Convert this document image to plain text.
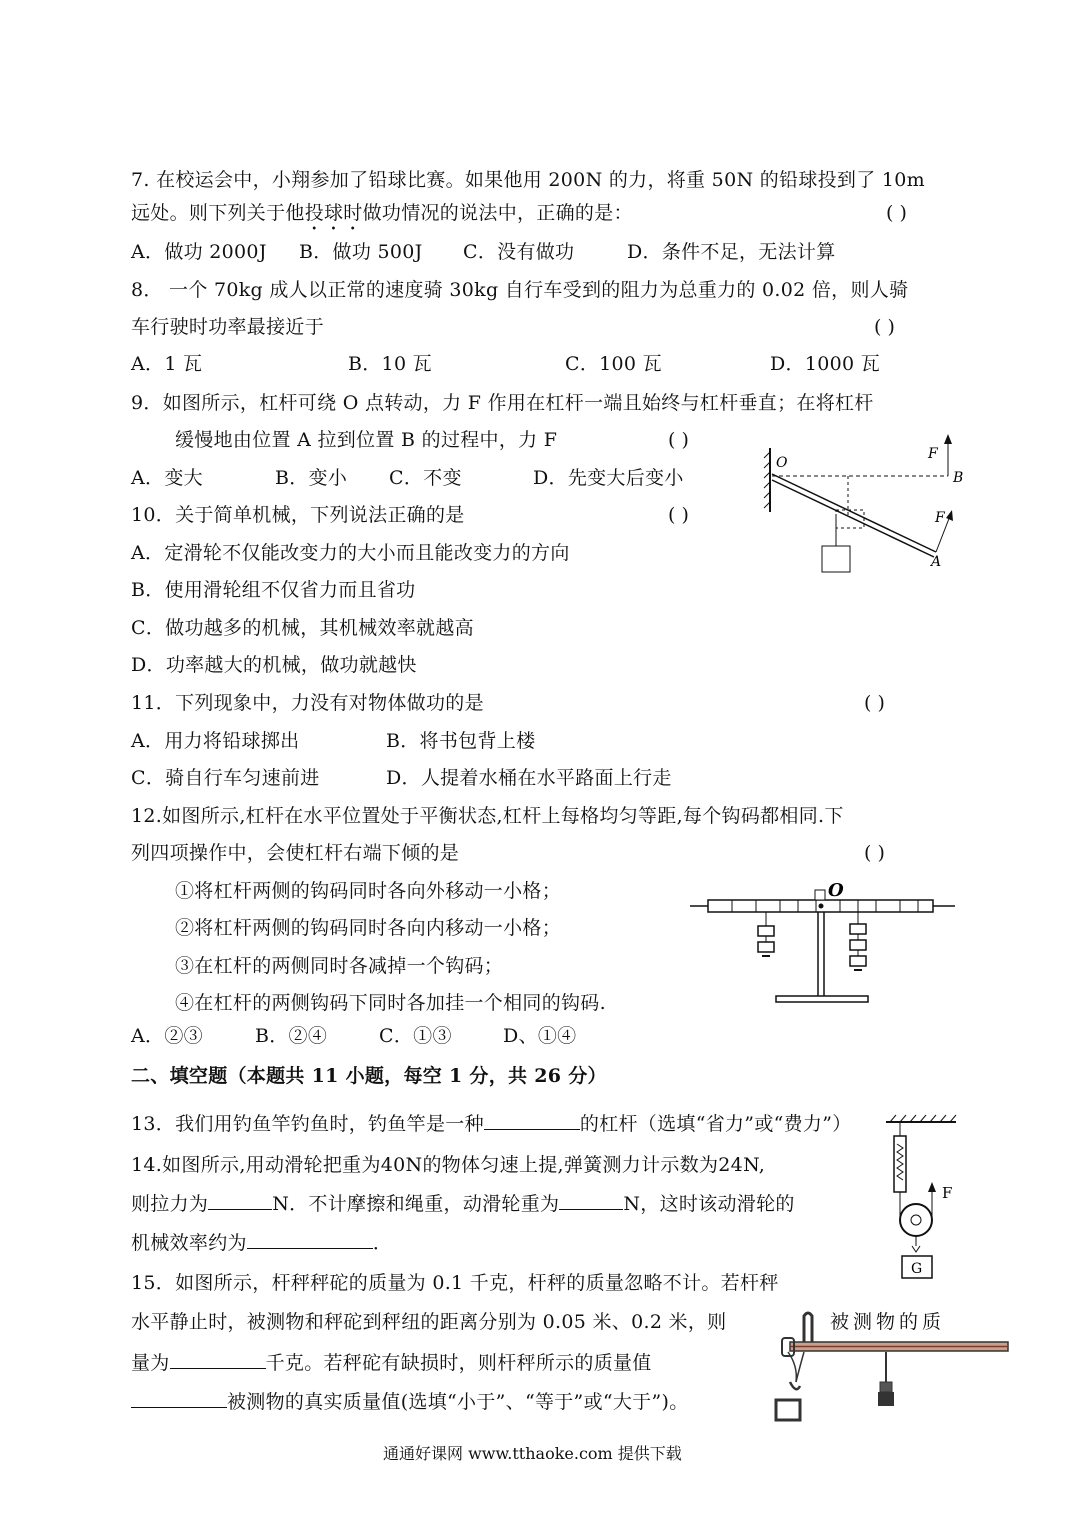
7. 在校运会中，小翔参加了铅球比赛。如果他用 200N 的力，将重 50N 的铅球投到了 10m
远处。则下列关于他投球时做功情况的说法中，正确的是：	( )
A．做功 2000J B．做功 500J C．没有做功	D．条件不足，无法计算
8． 一个 70kg 成人以正常的速度骑 30kg 自行车受到的阻力为总重力的 0.02 倍，则人骑
车行驶时功率最接近于	( )
A．1 瓦	B．10 瓦	C．100 瓦	D．1000 瓦
9．如图所示，杠杆可绕 O 点转动，力 F 作用在杠杆一端且始终与杠杆垂直；在将杠杆
缓慢地由位置 A 拉到位置 B 的过程中，力 F	( )
A．变大	B．变小 C．不变	D．先变大后变小
O
F
B
F
A
10．关于简单机械，下列说法正确的是	( )
A．定滑轮不仅能改变力的大小而且能改变力的方向
B．使用滑轮组不仅省力而且省功
C．做功越多的机械，其机械效率就越高
D．功率越大的机械，做功就越快
11．下列现象中，力没有对物体做功的是	( )
A．用力将铅球掷出	B．将书包背上楼
C．骑自行车匀速前进	D．人提着水桶在水平路面上行走
12.如图所示,杠杆在水平位置处于平衡状态,杠杆上每格均匀等距,每个钩码都相同.下
列四项操作中，会使杠杆右端下倾的是	( )
①将杠杆两侧的钩码同时各向外移动一小格；
②将杠杆两侧的钩码同时各向内移动一小格；
③在杠杆的两侧同时各减掉一个钩码；
④在杠杆的两侧钩码下同时各加挂一个相同的钩码.
A．②③	B．②④	C．①③	D、①④
O
二、填空题（本题共 11 小题，每空 1 分，共 26 分）
13．我们用钓鱼竿钓鱼时，钓鱼竿是一种	的杠杆（选填“省力”或“费力”）
14.如图所示,用动滑轮把重为40N的物体匀速上提,弹簧测力计示数为24N,
则拉力为	N．不计摩擦和绳重，动滑轮重为	N，这时该动滑轮的
机械效率约为	．
F
G
15．如图所示，杆秤秤砣的质量为 0.1 千克，杆秤的质量忽略不计。若杆秤
水平静止时，被测物和秤砣到秤纽的距离分别为 0.05 米、0.2 米，则	被测物的质
量为	千克。若秤砣有缺损时，则杆秤所示的质量值
被测物的真实质量值(选填“小于”、“等于”或“大于”)。
通通好课网 www.tthaoke.com 提供下载
